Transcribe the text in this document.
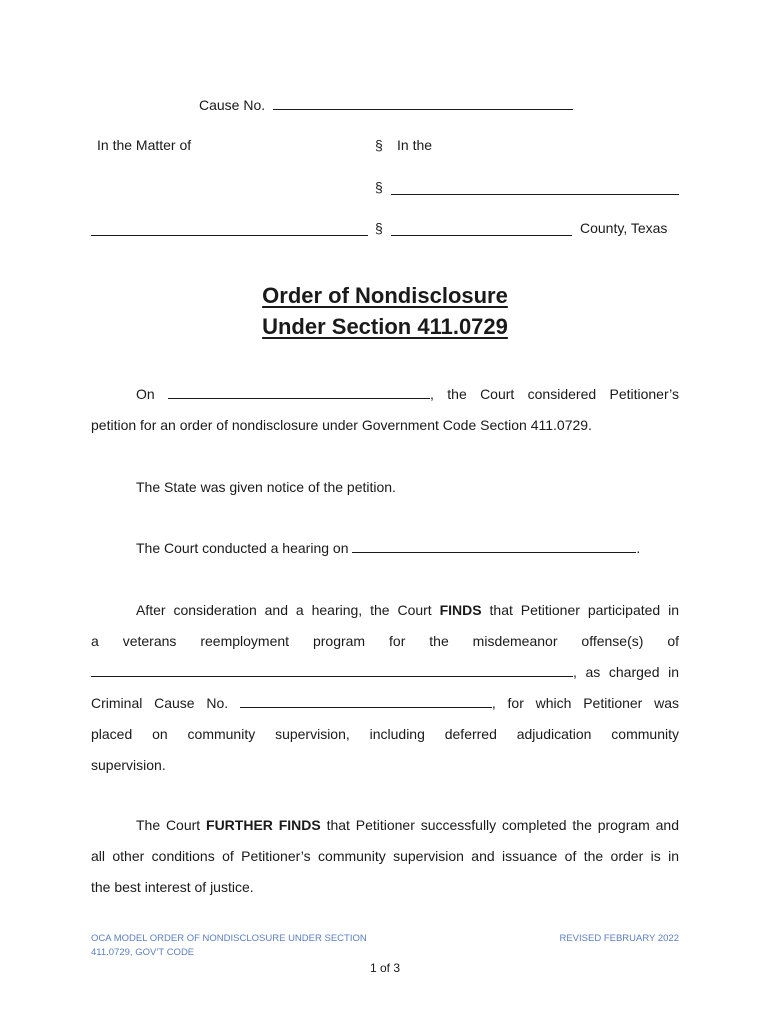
Cause No.
In the Matter of	§ In the
§
§	County, Texas
Order of Nondisclosure
Under Section 411.0729
On	, the Court considered Petitioner’s
petition for an order of nondisclosure under Government Code Section 411.0729.
The State was given notice of the petition.
The Court conducted a hearing on	.
After consideration and a hearing, the Court FINDS that Petitioner participated in
a veterans reemployment program for the misdemeanor offense(s) of
, as charged in
Criminal Cause No.	, for which Petitioner was
placed on community supervision, including deferred adjudication community
supervision.
The Court FURTHER FINDS that Petitioner successfully completed the program and
all other conditions of Petitioner’s community supervision and issuance of the order is in
the best interest of justice.
OCA MODEL ORDER OF NONDISCLOSURE UNDER SECTION
411.0729, GOV’T CODE
REVISED FEBRUARY 2022
1 of 3
